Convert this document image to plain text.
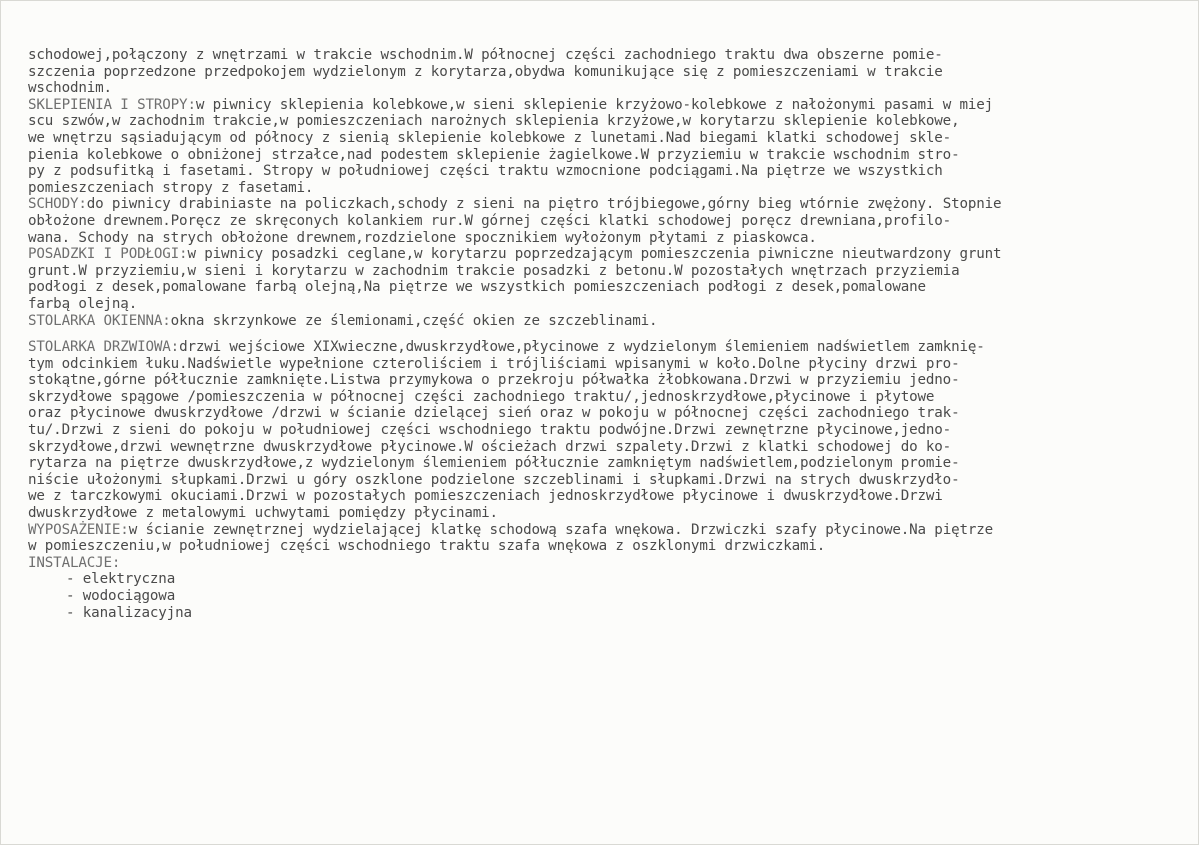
schodowej,połączony z wnętrzami w trakcie wschodnim.W północnej części zachodniego traktu dwa obszerne pomie-
szczenia poprzedzone przedpokojem wydzielonym z korytarza,obydwa komunikujące się z pomieszczeniami w trakcie
wschodnim.
SKLEPIENIA I STROPY:w piwnicy sklepienia kolebkowe,w sieni sklepienie krzyżowo-kolebkowe z nałożonymi pasami w miej
scu szwów,w zachodnim trakcie,w pomieszczeniach narożnych sklepienia krzyżowe,w korytarzu sklepienie kolebkowe,
we wnętrzu sąsiadującym od północy z sienią sklepienie kolebkowe z lunetami.Nad biegami klatki schodowej skle-
pienia kolebkowe o obniżonej strzałce,nad podestem sklepienie żagielkowe.W przyziemiu w trakcie wschodnim stro-
py z podsufitką i fasetami. Stropy w południowej części traktu wzmocnione podciągami.Na piętrze we wszystkich
pomieszczeniach stropy z fasetami.
SCHODY:do piwnicy drabiniaste na policzkach,schody z sieni na piętro trójbiegowe,górny bieg wtórnie zwężony. Stopnie
obłożone drewnem.Poręcz ze skręconych kolankiem rur.W górnej części klatki schodowej poręcz drewniana,profilo-
wana. Schody na strych obłożone drewnem,rozdzielone spocznikiem wyłożonym płytami z piaskowca.
POSADZKI I PODŁOGI:w piwnicy posadzki ceglane,w korytarzu poprzedzającym pomieszczenia piwniczne nieutwardzony grunt
grunt.W przyziemiu,w sieni i korytarzu w zachodnim trakcie posadzki z betonu.W pozostałych wnętrzach przyziemia
podłogi z desek,pomalowane farbą olejną,Na piętrze we wszystkich pomieszczeniach podłogi z desek,pomalowane
farbą olejną.
STOLARKA OKIENNA:okna skrzynkowe ze ślemionami,część okien ze szczeblinami.
STOLARKA DRZWIOWA:drzwi wejściowe XIXwieczne,dwuskrzydłowe,płycinowe z wydzielonym ślemieniem nadświetlem zamknię-
tym odcinkiem łuku.Nadświetle wypełnione czteroliściem i trójliściami wpisanymi w koło.Dolne płyciny drzwi pro-
stokątne,górne półłucznie zamknięte.Listwa przymykowa o przekroju półwałka żłobkowana.Drzwi w przyziemiu jedno-
skrzydłowe spągowe /pomieszczenia w północnej części zachodniego traktu/,jednoskrzydłowe,płycinowe i płytowe
oraz płycinowe dwuskrzydłowe /drzwi w ścianie dzielącej sień oraz w pokoju w północnej części zachodniego trak-
tu/.Drzwi z sieni do pokoju w południowej części wschodniego traktu podwójne.Drzwi zewnętrzne płycinowe,jedno-
skrzydłowe,drzwi wewnętrzne dwuskrzydłowe płycinowe.W ościeżach drzwi szpalety.Drzwi z klatki schodowej do ko-
rytarza na piętrze dwuskrzydłowe,z wydzielonym ślemieniem półłucznie zamkniętym nadświetlem,podzielonym promie-
niście ułożonymi słupkami.Drzwi u góry oszklone podzielone szczeblinami i słupkami.Drzwi na strych dwuskrzydło-
we z tarczkowymi okuciami.Drzwi w pozostałych pomieszczeniach jednoskrzydłowe płycinowe i dwuskrzydłowe.Drzwi
dwuskrzydłowe z metalowymi uchwytami pomiędzy płycinami.
WYPOSAŻENIE:w ścianie zewnętrznej wydzielającej klatkę schodową szafa wnękowa. Drzwiczki szafy płycinowe.Na piętrze
w pomieszczeniu,w południowej części wschodniego traktu szafa wnękowa z oszklonymi drzwiczkami.
INSTALACJE:
- elektryczna
- wodociągowa
- kanalizacyjna
